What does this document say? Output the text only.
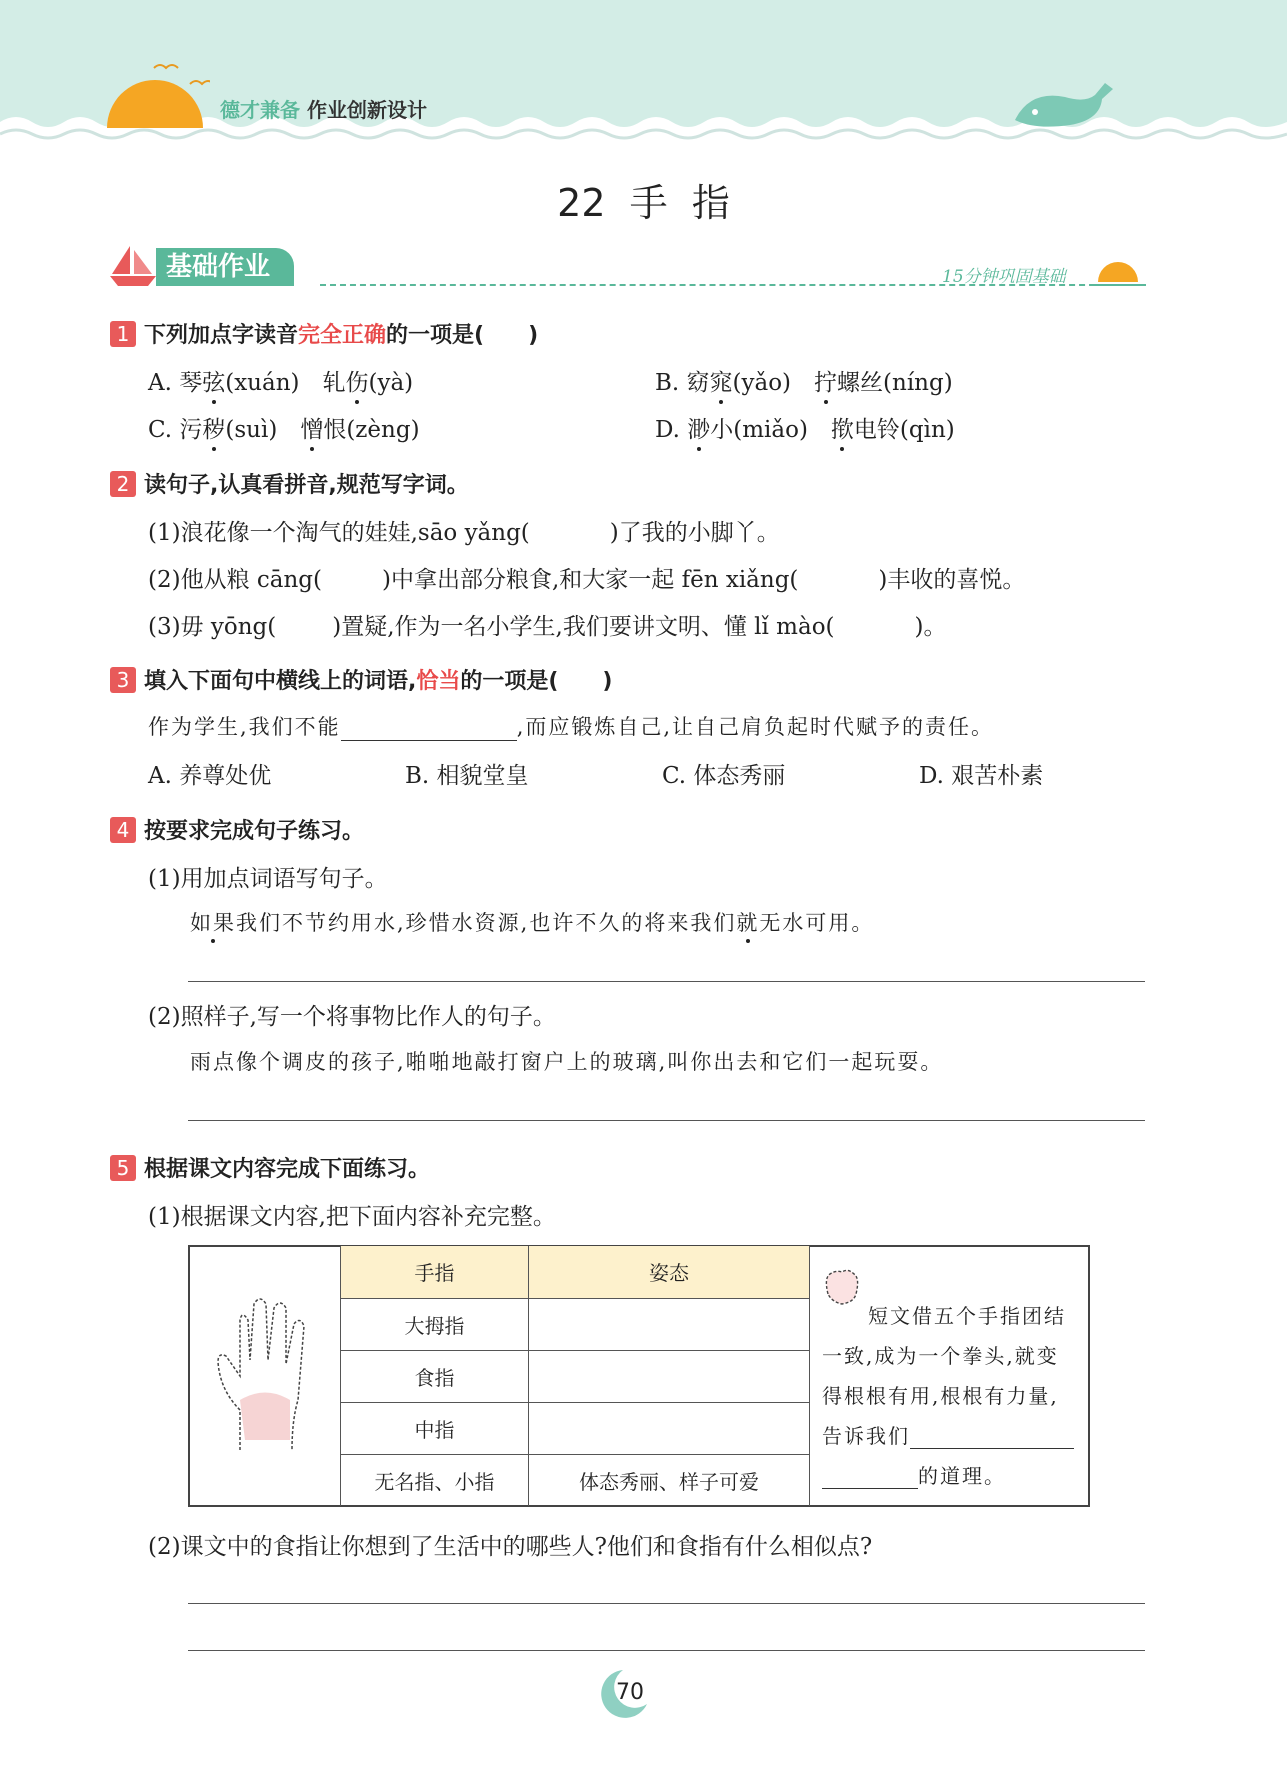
德才兼备 作业创新设计
22  手  指
基础作业	15分钟巩固基础
1 下列加点字读音完全正确的一项是(　　)
A. 琴弦(xuán)　轧伤(yà)	B. 窈窕(yǎo)　拧螺丝(níng)
C. 污秽(suì)　憎恨(zèng)	D. 渺小(miǎo)　揿电铃(qìn)
2 读句子,认真看拼音,规范写字词。
(1)浪花像一个淘气的娃娃,sāo yǎng(	)了我的小脚丫。
(2)他从粮 cāng(	)中拿出部分粮食,和大家一起 fēn xiǎng(	)丰收的喜悦。
(3)毋 yōng( )置疑,作为一名小学生,我们要讲文明、懂 lǐ mào(	)。
3 填入下面句中横线上的词语,恰当的一项是(　　)
作为学生,我们不能	,而应锻炼自己,让自己肩负起时代赋予的责任。
A. 养尊处优	B. 相貌堂皇	C. 体态秀丽	D. 艰苦朴素
4 按要求完成句子练习。
(1)用加点词语写句子。
如果我们不节约用水,珍惜水资源,也许不久的将来我们就无水可用。
(2)照样子,写一个将事物比作人的句子。
雨点像个调皮的孩子,啪啪地敲打窗户上的玻璃,叫你出去和它们一起玩耍。
5 根据课文内容完成下面练习。
(1)根据课文内容,把下面内容补充完整。
手指	姿态
大拇指	
食指	
中指	
无名指、小指	体态秀丽、样子可爱
短文借五个手指团结
一致,成为一个拳头,就变
得根根有用,根根有力量,
告诉我们
的道理。
(2)课文中的食指让你想到了生活中的哪些人?他们和食指有什么相似点?
70
